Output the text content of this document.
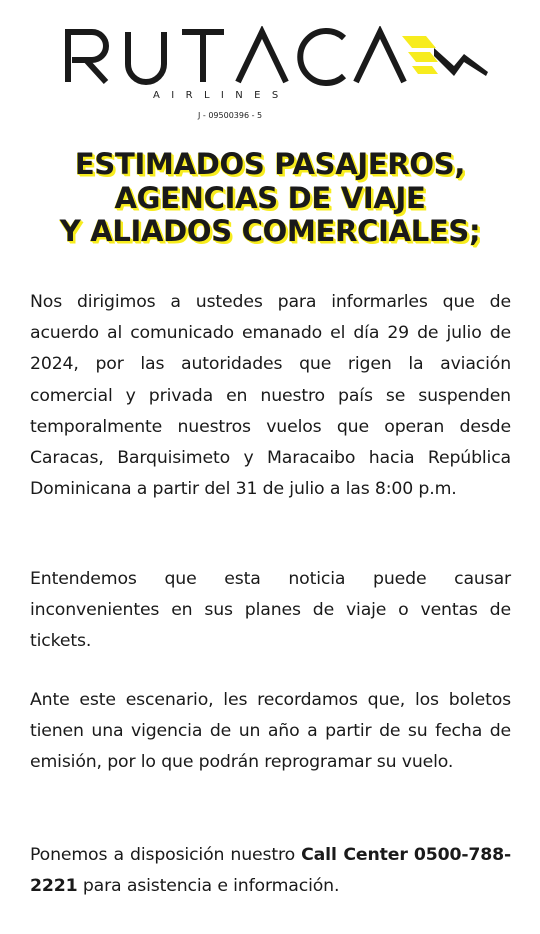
AIRLINES
J - 09500396 - 5
ESTIMADOS PASAJEROS,
AGENCIAS DE VIAJE
Y ALIADOS COMERCIALES;

Nos dirigimos a ustedes para informarles que de acuerdo al comunicado emanado el día 29 de julio de 2024, por las autoridades que rigen la aviación comercial y privada en nuestro país se suspenden temporalmente nuestros vuelos que operan desde Caracas, Barquisimeto y Maracaibo hacia República Dominicana a partir del 31 de julio a las 8:00 p.m.

Entendemos que esta noticia puede causar inconvenientes en sus planes de viaje o ventas de tickets.

Ante este escenario, les recordamos que, los boletos tienen una vigencia de un año a partir de su fecha de emisión, por lo que podrán reprogramar su vuelo.

Ponemos a disposición nuestro Call Center 0500-788-2221 para asistencia e información.
